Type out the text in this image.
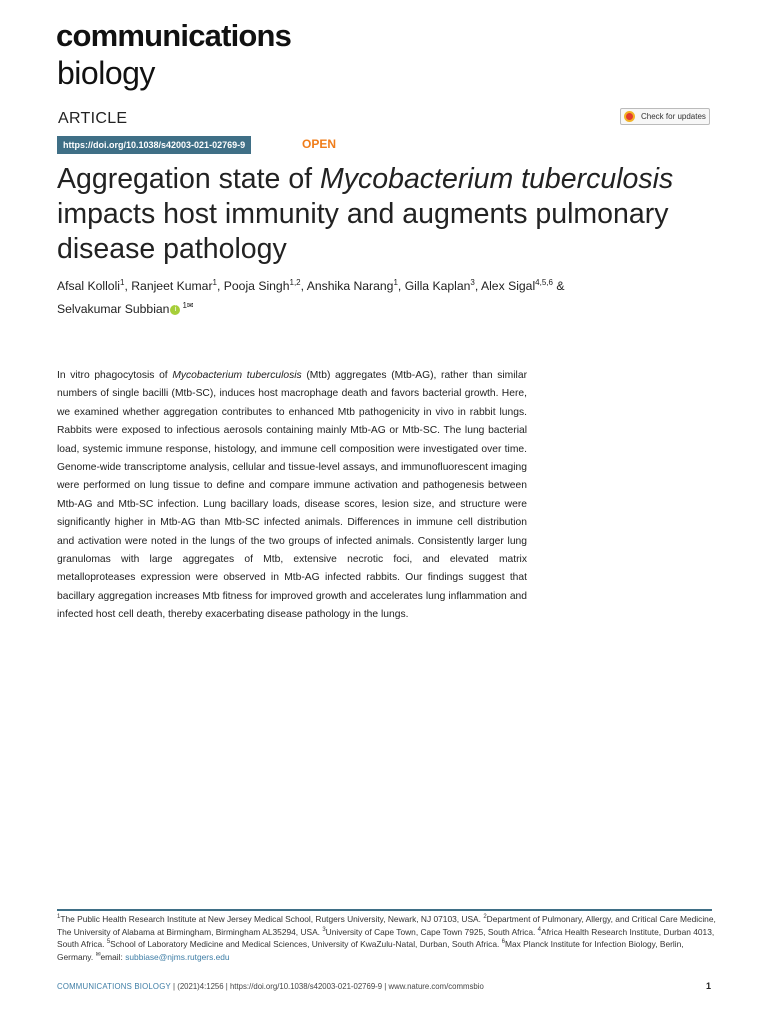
communications
biology
ARTICLE	Check for updates
https://doi.org/10.1038/s42003-021-02769-9	OPEN
Aggregation state of Mycobacterium tuberculosis impacts host immunity and augments pulmonary disease pathology
Afsal Kolloli$^1$, Ranjeet Kumar$^1$, Pooja Singh$^{1,2}$, Anshika Narang$^1$, Gilla Kaplan$^3$, Alex Sigal$^{4,5,6}$ &
Selvakumar Subbian i $^{1✉}$
In vitro phagocytosis of Mycobacterium tuberculosis (Mtb) aggregates (Mtb-AG), rather than similar numbers of single bacilli (Mtb-SC), induces host macrophage death and favors bacterial growth. Here, we examined whether aggregation contributes to enhanced Mtb pathogenicity in vivo in rabbit lungs. Rabbits were exposed to infectious aerosols containing mainly Mtb-AG or Mtb-SC. The lung bacterial load, systemic immune response, histology, and immune cell composition were investigated over time. Genome-wide transcriptome analysis, cellular and tissue-level assays, and immunofluorescent imaging were performed on lung tissue to define and compare immune activation and pathogenesis between Mtb-AG and Mtb-SC infection. Lung bacillary loads, disease scores, lesion size, and structure were significantly higher in Mtb-AG than Mtb-SC infected animals. Differences in immune cell distribution and activation were noted in the lungs of the two groups of infected animals. Consistently larger lung granulomas with large aggregates of Mtb, extensive necrotic foci, and elevated matrix metalloproteases expression were observed in Mtb-AG infected rabbits. Our findings suggest that bacillary aggregation increases Mtb fitness for improved growth and accelerates lung inflammation and infected host cell death, thereby exacerbating disease pathology in the lungs.
$^1$The Public Health Research Institute at New Jersey Medical School, Rutgers University, Newark, NJ 07103, USA. $^2$Department of Pulmonary, Allergy, and Critical Care Medicine, The University of Alabama at Birmingham, Birmingham AL35294, USA. $^3$University of Cape Town, Cape Town 7925, South Africa. $^4$Africa Health Research Institute, Durban 4013, South Africa. $^5$School of Laboratory Medicine and Medical Sciences, University of KwaZulu-Natal, Durban, South Africa. $^6$Max Planck Institute for Infection Biology, Berlin, Germany. ✉email: subbiase@njms.rutgers.edu
COMMUNICATIONS BIOLOGY | (2021)4:1256 | https://doi.org/10.1038/s42003-021-02769-9 | www.nature.com/commsbio	1
